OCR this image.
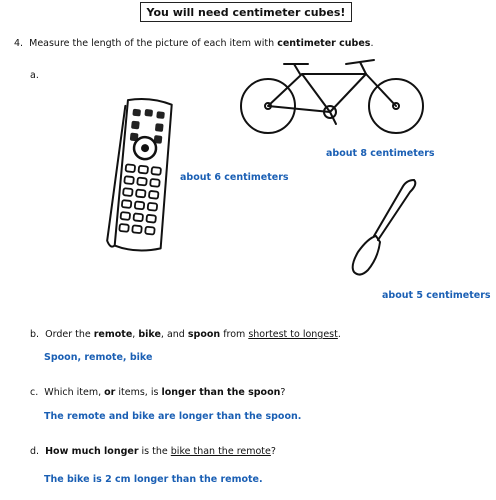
You will need centimeter cubes!
4. Measure the length of the picture of each item with centimeter cubes.
a.
about 8 centimeters
about 6 centimeters
about 5 centimeters
b. Order the remote, bike, and spoon from shortest to longest.
Spoon, remote, bike
c. Which item, or items, is longer than the spoon?
The remote and bike are longer than the spoon.
d. How much longer is the bike than the remote?
The bike is 2 cm longer than the remote.
